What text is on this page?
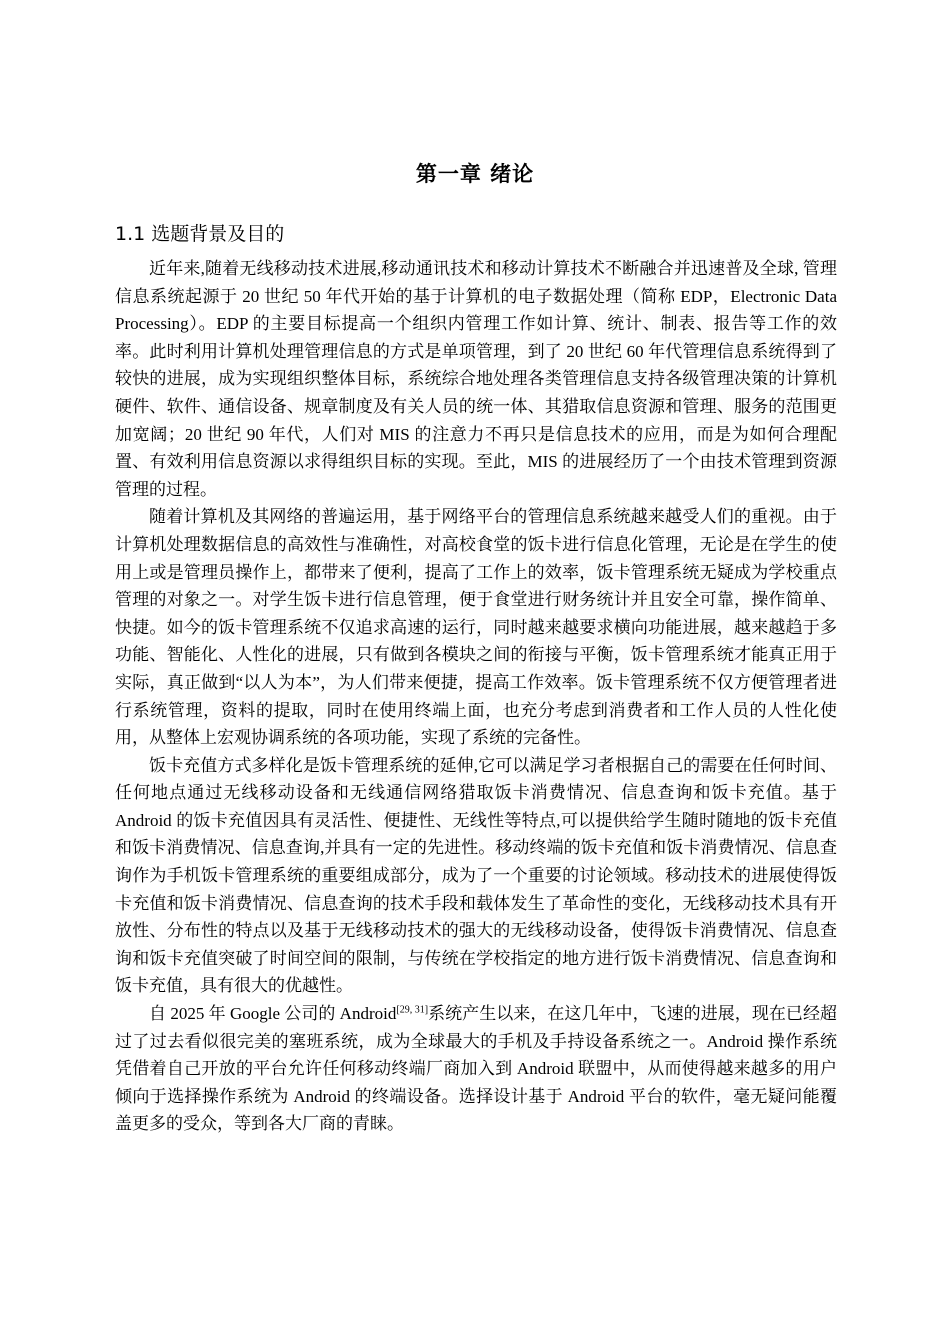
第一章 绪论
1.1 选题背景及目的

近年来,随着无线移动技术进展,移动通讯技术和移动计算技术不断融合并迅速普及全球, 管理信息系统起源于 20 世纪 50 年代开始的基于计算机的电子数据处理（简称 EDP，Electronic Data Processing）。EDP 的主要目标提高一个组织内管理工作如计算、统计、制表、报告等工作的效率。此时利用计算机处理管理信息的方式是单项管理，到了 20 世纪 60 年代管理信息系统得到了较快的进展，成为实现组织整体目标，系统综合地处理各类管理信息支持各级管理决策的计算机硬件、软件、通信设备、规章制度及有关人员的统一体、其猎取信息资源和管理、服务的范围更加宽阔；20 世纪 90 年代，人们对 MIS 的注意力不再只是信息技术的应用，而是为如何合理配置、有效利用信息资源以求得组织目标的实现。至此，MIS 的进展经历了一个由技术管理到资源管理的过程。

随着计算机及其网络的普遍运用，基于网络平台的管理信息系统越来越受人们的重视。由于计算机处理数据信息的高效性与准确性，对高校食堂的饭卡进行信息化管理，无论是在学生的使用上或是管理员操作上，都带来了便利，提高了工作上的效率，饭卡管理系统无疑成为学校重点管理的对象之一。对学生饭卡进行信息管理，便于食堂进行财务统计并且安全可靠，操作简单、快捷。如今的饭卡管理系统不仅追求高速的运行，同时越来越要求横向功能进展，越来越趋于多功能、智能化、人性化的进展，只有做到各模块之间的衔接与平衡，饭卡管理系统才能真正用于实际，真正做到“以人为本”，为人们带来便捷，提高工作效率。饭卡管理系统不仅方便管理者进行系统管理，资料的提取，同时在使用终端上面，也充分考虑到消费者和工作人员的人性化使用，从整体上宏观协调系统的各项功能，实现了系统的完备性。

饭卡充值方式多样化是饭卡管理系统的延伸,它可以满足学习者根据自己的需要在任何时间、任何地点通过无线移动设备和无线通信网络猎取饭卡消费情况、信息查询和饭卡充值。基于 Android 的饭卡充值因具有灵活性、便捷性、无线性等特点,可以提供给学生随时随地的饭卡充值和饭卡消费情况、信息查询,并具有一定的先进性。移动终端的饭卡充值和饭卡消费情况、信息查询作为手机饭卡管理系统的重要组成部分，成为了一个重要的讨论领域。移动技术的进展使得饭卡充值和饭卡消费情况、信息查询的技术手段和载体发生了革命性的变化，无线移动技术具有开放性、分布性的特点以及基于无线移动技术的强大的无线移动设备，使得饭卡消费情况、信息查询和饭卡充值突破了时间空间的限制，与传统在学校指定的地方进行饭卡消费情况、信息查询和饭卡充值，具有很大的优越性。

自 2025 年 Google 公司的 Android[29, 31]系统产生以来，在这几年中，飞速的进展，现在已经超过了过去看似很完美的塞班系统，成为全球最大的手机及手持设备系统之一。Android 操作系统凭借着自己开放的平台允许任何移动终端厂商加入到 Android 联盟中，从而使得越来越多的用户倾向于选择操作系统为 Android 的终端设备。选择设计基于 Android 平台的软件，毫无疑问能覆盖更多的受众，等到各大厂商的青睐。
